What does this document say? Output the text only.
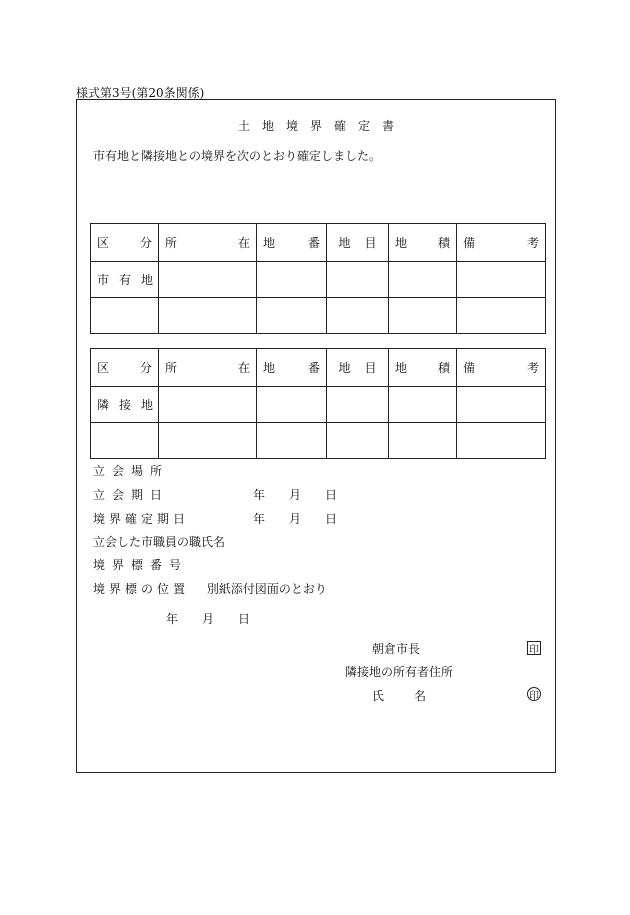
様式第3号(第20条関係)
土地境界確定書
市有地と隣接地との境界を次のとおり確定しました。
区 分	所 在	地 番	地 目	地 積	備 考

市有地					

区 分	所 在	地 番	地 目	地 積	備 考

隣接地					

立会場所
立会期日	年 月 日
境界確定期日	年 月 日
立会した市職員の職氏名
境界標番号
境界標の位置 別紙添付図面のとおり
年 月 日
朝倉市長	印
隣接地の所有者住所
氏	名	印
